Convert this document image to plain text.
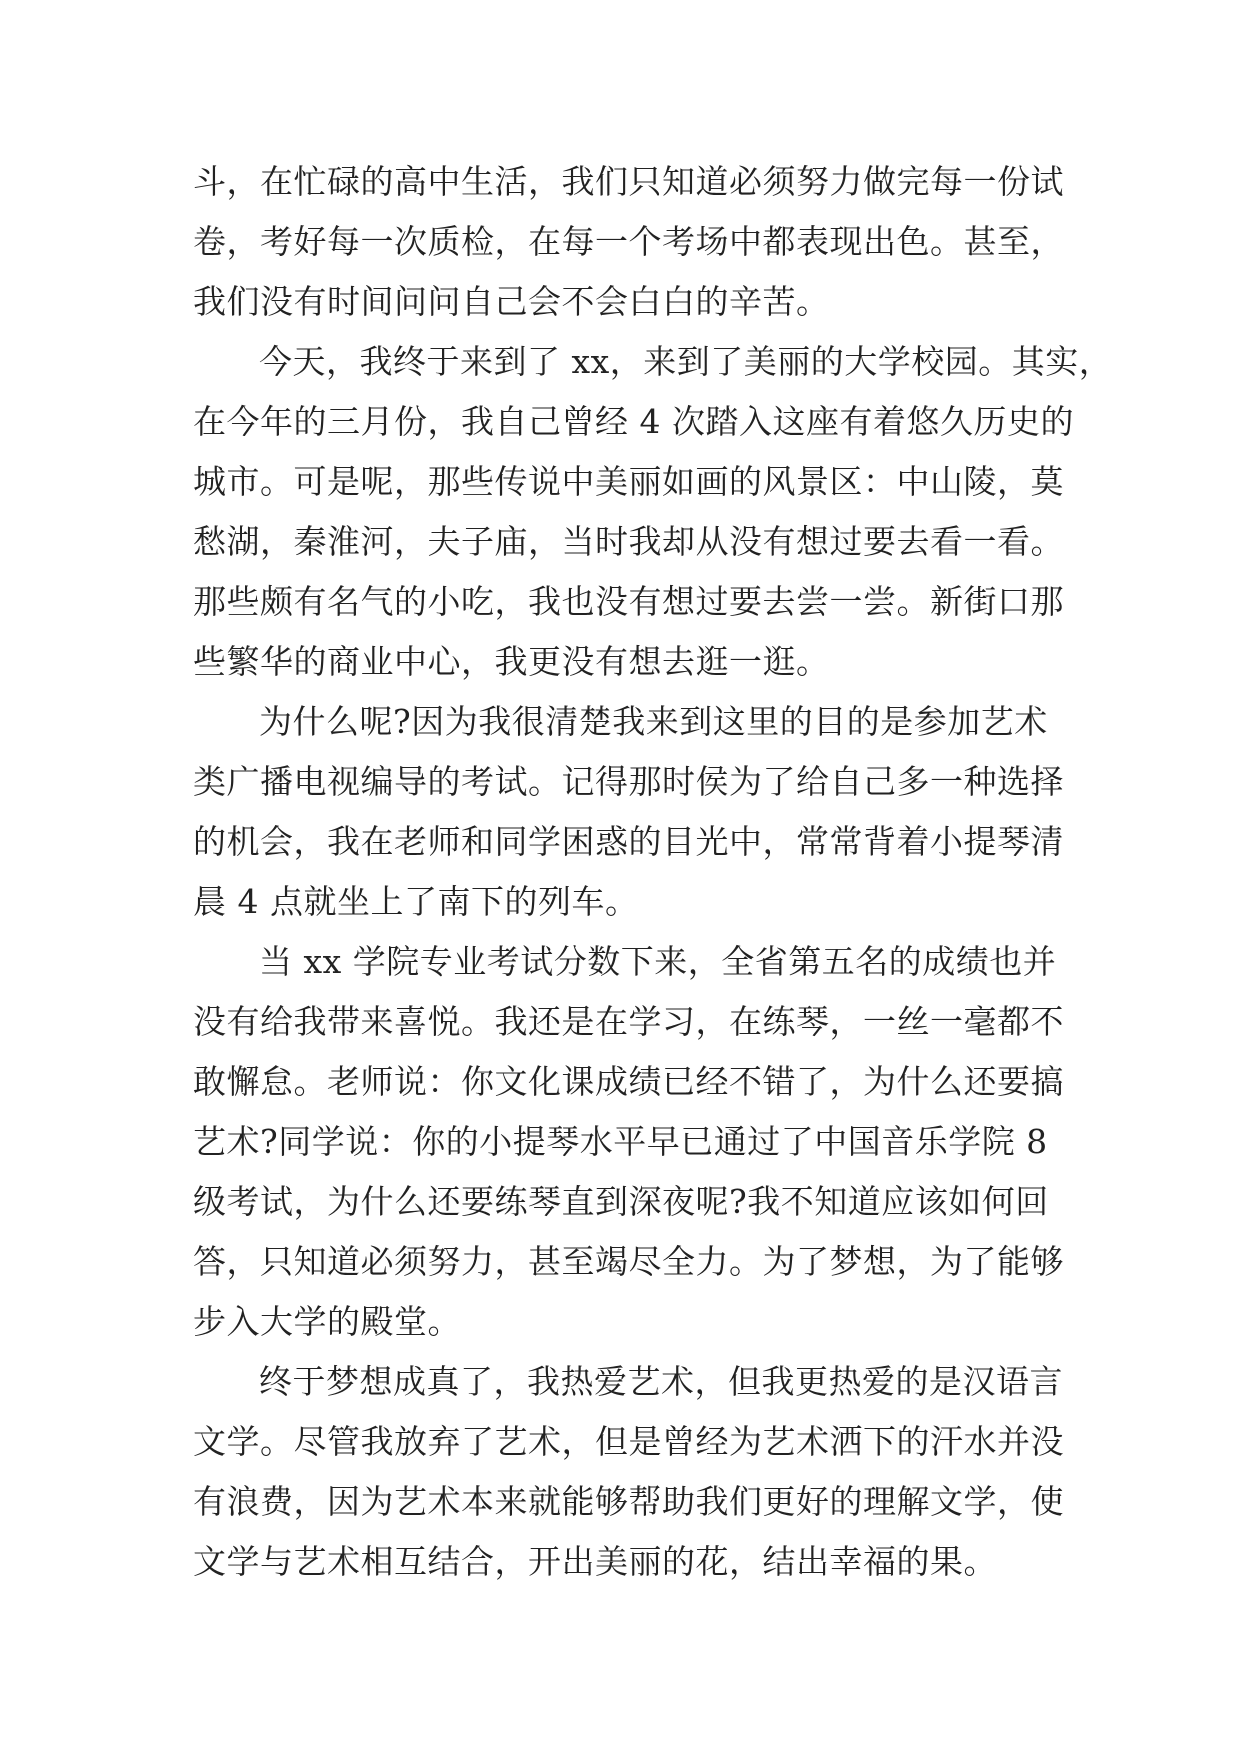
斗，在忙碌的高中生活，我们只知道必须努力做完每一份试
卷，考好每一次质检，在每一个考场中都表现出色。甚至，
我们没有时间问问自己会不会白白的辛苦。
今天，我终于来到了 xx，来到了美丽的大学校园。其实，
在今年的三月份，我自己曾经 4 次踏入这座有着悠久历史的
城市。可是呢，那些传说中美丽如画的风景区：中山陵，莫
愁湖，秦淮河，夫子庙，当时我却从没有想过要去看一看。
那些颇有名气的小吃，我也没有想过要去尝一尝。新街口那
些繁华的商业中心，我更没有想去逛一逛。
为什么呢?因为我很清楚我来到这里的目的是参加艺术
类广播电视编导的考试。记得那时侯为了给自己多一种选择
的机会，我在老师和同学困惑的目光中，常常背着小提琴清
晨 4 点就坐上了南下的列车。
当 xx 学院专业考试分数下来，全省第五名的成绩也并
没有给我带来喜悦。我还是在学习，在练琴，一丝一毫都不
敢懈怠。老师说：你文化课成绩已经不错了，为什么还要搞
艺术?同学说：你的小提琴水平早已通过了中国音乐学院 8
级考试，为什么还要练琴直到深夜呢?我不知道应该如何回
答，只知道必须努力，甚至竭尽全力。为了梦想，为了能够
步入大学的殿堂。
终于梦想成真了，我热爱艺术，但我更热爱的是汉语言
文学。尽管我放弃了艺术，但是曾经为艺术洒下的汗水并没
有浪费，因为艺术本来就能够帮助我们更好的理解文学，使
文学与艺术相互结合，开出美丽的花，结出幸福的果。
